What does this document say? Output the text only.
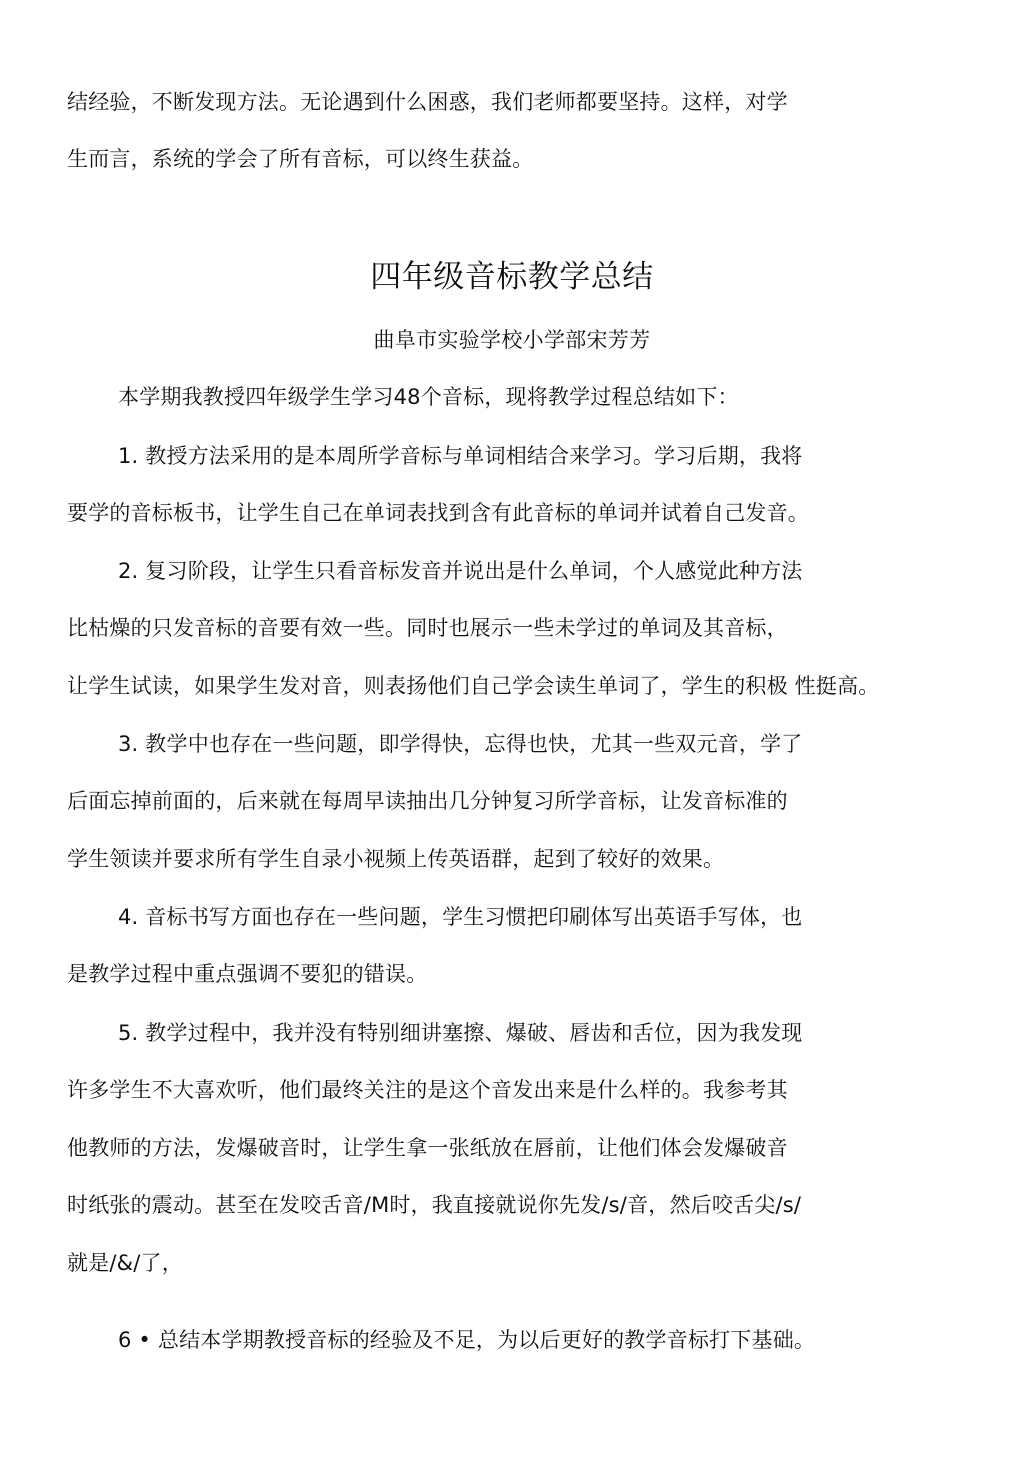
结经验，不断发现方法。无论遇到什么困惑，我们老师都要坚持。这样，对学

生而言，系统的学会了所有音标，可以终生获益。

四年级音标教学总结

曲阜市实验学校小学部宋芳芳

本学期我教授四年级学生学习48个音标，现将教学过程总结如下：

1. 教授方法采用的是本周所学音标与单词相结合来学习。学习后期，我将

要学的音标板书，让学生自己在单词表找到含有此音标的单词并试着自己发音。

2. 复习阶段，让学生只看音标发音并说出是什么单词，个人感觉此种方法

比枯燥的只发音标的音要有效一些。同时也展示一些未学过的单词及其音标，

让学生试读，如果学生发对音，则表扬他们自己学会读生单词了，学生的积极 性挺高。

3. 教学中也存在一些问题，即学得快，忘得也快，尤其一些双元音，学了

后面忘掉前面的，后来就在每周早读抽出几分钟复习所学音标，让发音标准的

学生领读并要求所有学生自录小视频上传英语群，起到了较好的效果。

4. 音标书写方面也存在一些问题，学生习惯把印刷体写出英语手写体，也

是教学过程中重点强调不要犯的错误。

5. 教学过程中，我并没有特别细讲塞擦、爆破、唇齿和舌位，因为我发现

许多学生不大喜欢听，他们最终关注的是这个音发出来是什么样的。我参考其

他教师的方法，发爆破音时，让学生拿一张纸放在唇前，让他们体会发爆破音

时纸张的震动。甚至在发咬舌音/M时，我直接就说你先发/s/音，然后咬舌尖/s/

就是/&/了，

6 • 总结本学期教授音标的经验及不足，为以后更好的教学音标打下基础。
